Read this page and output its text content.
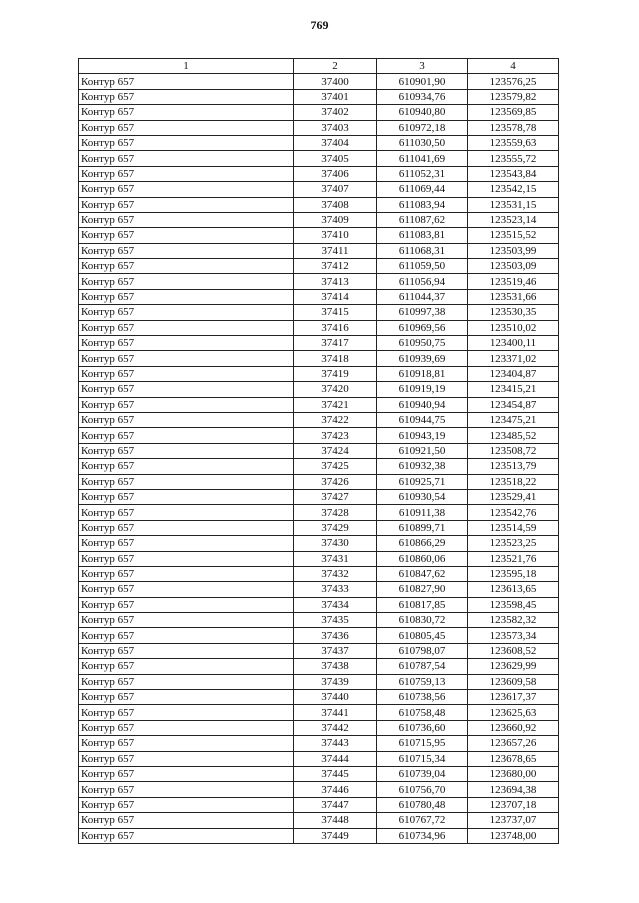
769
1	2	3	4
Контур 657	37400	610901,90	123576,25
Контур 657	37401	610934,76	123579,82
Контур 657	37402	610940,80	123569,85
Контур 657	37403	610972,18	123578,78
Контур 657	37404	611030,50	123559,63
Контур 657	37405	611041,69	123555,72
Контур 657	37406	611052,31	123543,84
Контур 657	37407	611069,44	123542,15
Контур 657	37408	611083,94	123531,15
Контур 657	37409	611087,62	123523,14
Контур 657	37410	611083,81	123515,52
Контур 657	37411	611068,31	123503,99
Контур 657	37412	611059,50	123503,09
Контур 657	37413	611056,94	123519,46
Контур 657	37414	611044,37	123531,66
Контур 657	37415	610997,38	123530,35
Контур 657	37416	610969,56	123510,02
Контур 657	37417	610950,75	123400,11
Контур 657	37418	610939,69	123371,02
Контур 657	37419	610918,81	123404,87
Контур 657	37420	610919,19	123415,21
Контур 657	37421	610940,94	123454,87
Контур 657	37422	610944,75	123475,21
Контур 657	37423	610943,19	123485,52
Контур 657	37424	610921,50	123508,72
Контур 657	37425	610932,38	123513,79
Контур 657	37426	610925,71	123518,22
Контур 657	37427	610930,54	123529,41
Контур 657	37428	610911,38	123542,76
Контур 657	37429	610899,71	123514,59
Контур 657	37430	610866,29	123523,25
Контур 657	37431	610860,06	123521,76
Контур 657	37432	610847,62	123595,18
Контур 657	37433	610827,90	123613,65
Контур 657	37434	610817,85	123598,45
Контур 657	37435	610830,72	123582,32
Контур 657	37436	610805,45	123573,34
Контур 657	37437	610798,07	123608,52
Контур 657	37438	610787,54	123629,99
Контур 657	37439	610759,13	123609,58
Контур 657	37440	610738,56	123617,37
Контур 657	37441	610758,48	123625,63
Контур 657	37442	610736,60	123660,92
Контур 657	37443	610715,95	123657,26
Контур 657	37444	610715,34	123678,65
Контур 657	37445	610739,04	123680,00
Контур 657	37446	610756,70	123694,38
Контур 657	37447	610780,48	123707,18
Контур 657	37448	610767,72	123737,07
Контур 657	37449	610734,96	123748,00
